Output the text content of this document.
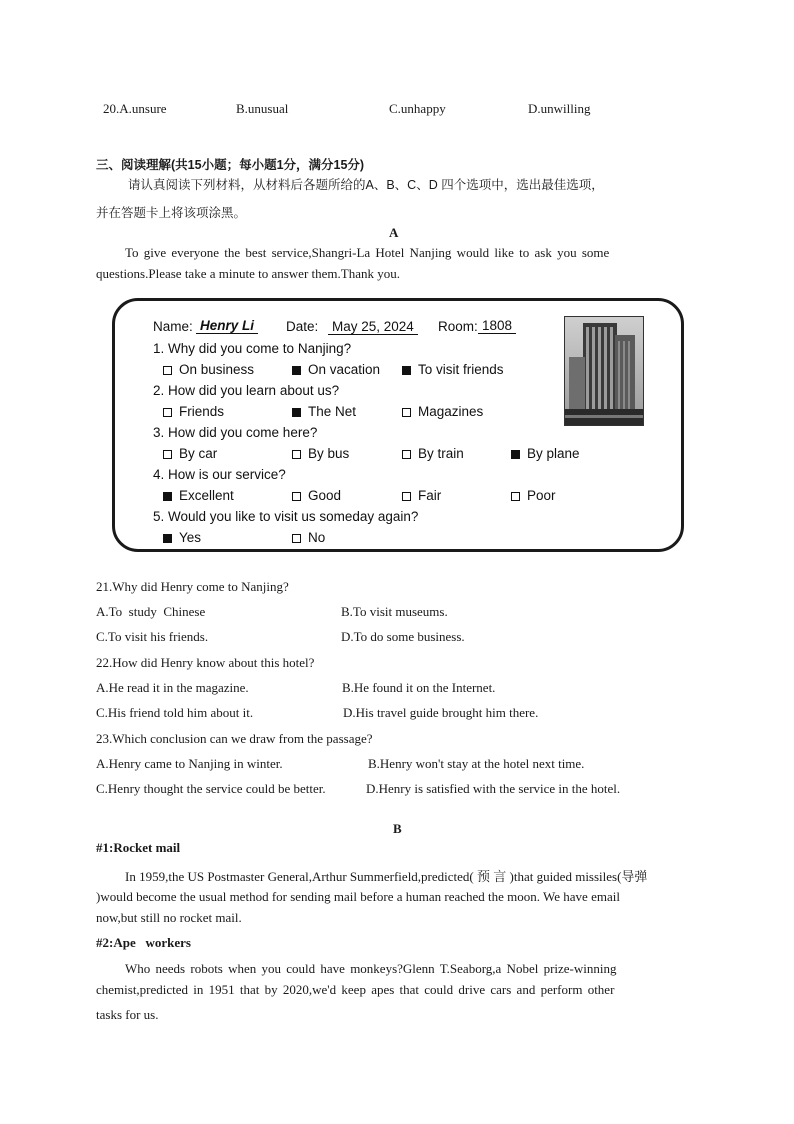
20.A.unsure	B.unusual	C.unhappy	D.unwilling
三、阅读理解(共15小题；每小题1分，满分15分)
请认真阅读下列材料，从材料后各题所给的A、B、C、D 四个选项中，选出最佳选项，
并在答题卡上将该项涂黑。
A
To give everyone the best service,Shangri-La Hotel Nanjing would like to ask you some
questions.Please take a minute to answer them.Thank you.
Name: Henry Li Date: May 25, 2024 Room: 1808
1. Why did you come to Nanjing?
On business	On vacation	To visit friends
2. How did you learn about us?
Friends	The Net	Magazines
3. How did you come here?
By car	By bus	By train	By plane
4. How is our service?
Excellent	Good	Fair	Poor
5. Would you like to visit us someday again?
Yes	No
21.Why did Henry come to Nanjing?
A.To  study  Chinese	B.To visit museums.
C.To visit his friends.	D.To do some business.
22.How did Henry know about this hotel?
A.He read it in the magazine.	B.He found it on the Internet.
C.His friend told him about it.	D.His travel guide brought him there.
23.Which conclusion can we draw from the passage?
A.Henry came to Nanjing in winter.	B.Henry won't stay at the hotel next time.
C.Henry thought the service could be better.	D.Henry is satisfied with the service in the hotel.
B
#1:Rocket mail
In 1959,the US Postmaster General,Arthur Summerfield,predicted( 预 言 )that guided missiles(导弹
)would become the usual method for sending mail before a human reached the moon. We have email
now,but still no rocket mail.
#2:Ape   workers
Who needs robots when you could have monkeys?Glenn T.Seaborg,a Nobel prize-winning
chemist,predicted in 1951 that by 2020,we'd keep apes that could drive cars and perform other
tasks for us.
